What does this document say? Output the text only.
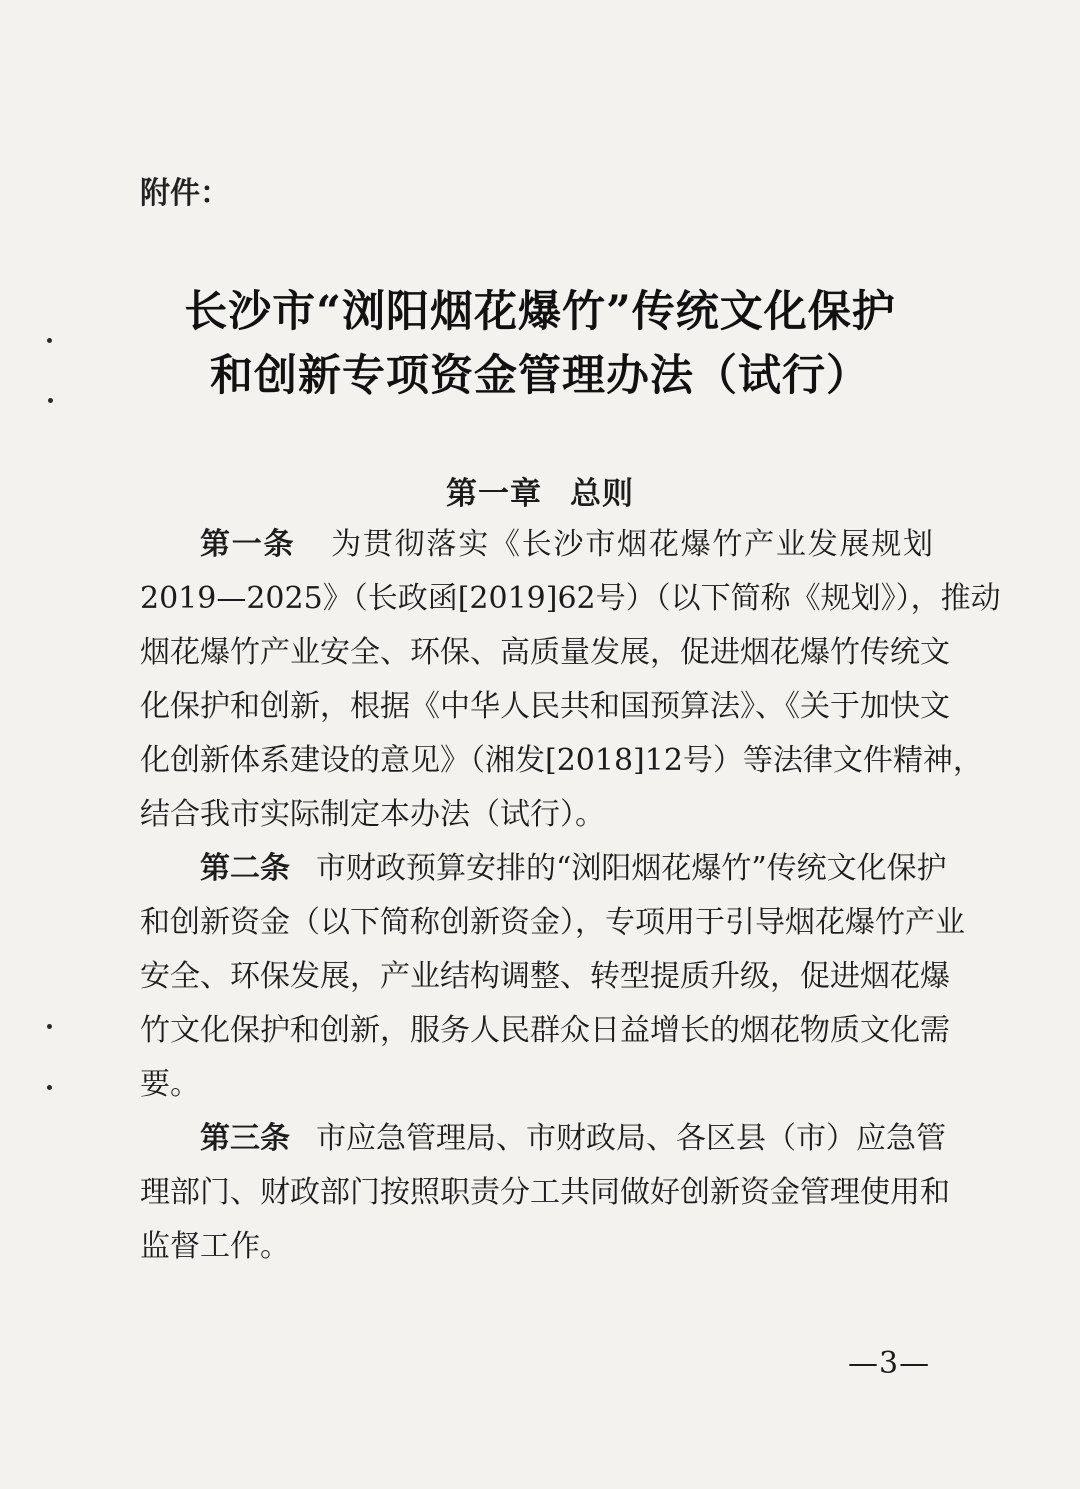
附件：
长沙市“浏阳烟花爆竹”传统文化保护
和创新专项资金管理办法（试行）
第一章 总则
第一条 为贯彻落实《长沙市烟花爆竹产业发展规划
2019—2025》（长政函[2019]62号）（以下简称《规划》），推动
烟花爆竹产业安全、环保、高质量发展，促进烟花爆竹传统文
化保护和创新，根据《中华人民共和国预算法》、《关于加快文
化创新体系建设的意见》（湘发[2018]12号）等法律文件精神，
结合我市实际制定本办法（试行）。
第二条 市财政预算安排的“浏阳烟花爆竹”传统文化保护
和创新资金（以下简称创新资金），专项用于引导烟花爆竹产业
安全、环保发展，产业结构调整、转型提质升级，促进烟花爆
竹文化保护和创新，服务人民群众日益增长的烟花物质文化需
要。
第三条 市应急管理局、市财政局、各区县（市）应急管
理部门、财政部门按照职责分工共同做好创新资金管理使用和
监督工作。
—3—
